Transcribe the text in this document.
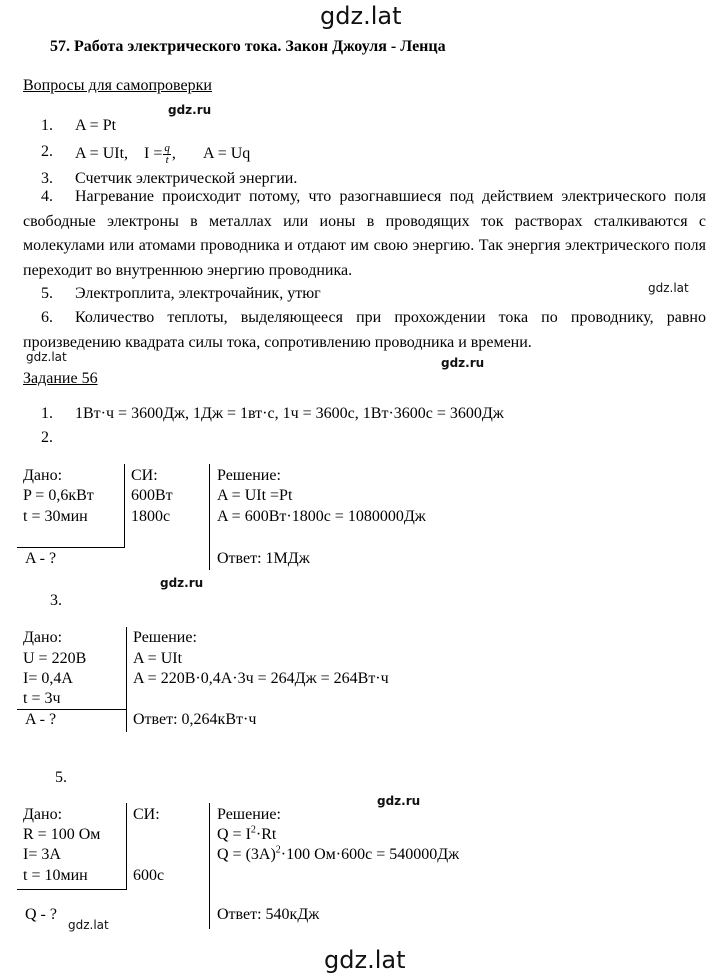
gdz.lat
gdz.lat
gdz.ru
gdz.ru
gdz.ru
gdz.ru
gdz.lat
gdz.lat
gdz.lat
57. Работа электрического тока. Закон Джоуля - Ленца
Вопросы для самопроверки
1. A = Pt
2. A = UIt, $I = \frac{q}{t}$ , A = Uq
3. Счетчик электрической энергии.
4. Нагревание происходит потому, что разогнавшиеся под действием электрического поля свободные электроны в металлах или ионы в проводящих ток растворах сталкиваются с молекулами или атомами проводника и отдают им свою энергию. Так энергия электрического поля переходит во внутреннюю энергию проводника.
5. Электроплита, электрочайник, утюг
6. Количество теплоты, выделяющееся при прохождении тока по проводнику, равно произведению квадрата силы тока, сопротивлению проводника и времени.
Задание 56
1. 1Вт·ч = 3600Дж, 1Дж = 1вт·с, 1ч = 3600с, 1Вт·3600с = 3600Дж
2.
Дано:
P = 0,6кВт
t = 30мин
A - ?
СИ:
600Вт
1800с
Решение:
A = UIt =Pt
A = 600Вт·1800с = 1080000Дж
Ответ: 1МДж
3.
Дано:
U = 220В
I= 0,4А
t = 3ч
A - ?
Решение:
A = UIt
A = 220В·0,4А·3ч = 264Дж = 264Вт·ч
Ответ: 0,264кВт·ч
5.
Дано:
R = 100 Ом
I= 3A
t = 10мин
Q - ?
СИ:
600с
Решение:
$Q = I^2\cdot Rt$
$Q = (3A)^2\cdot 100$ Ом·600с = 540000Дж
Ответ: 540кДж
